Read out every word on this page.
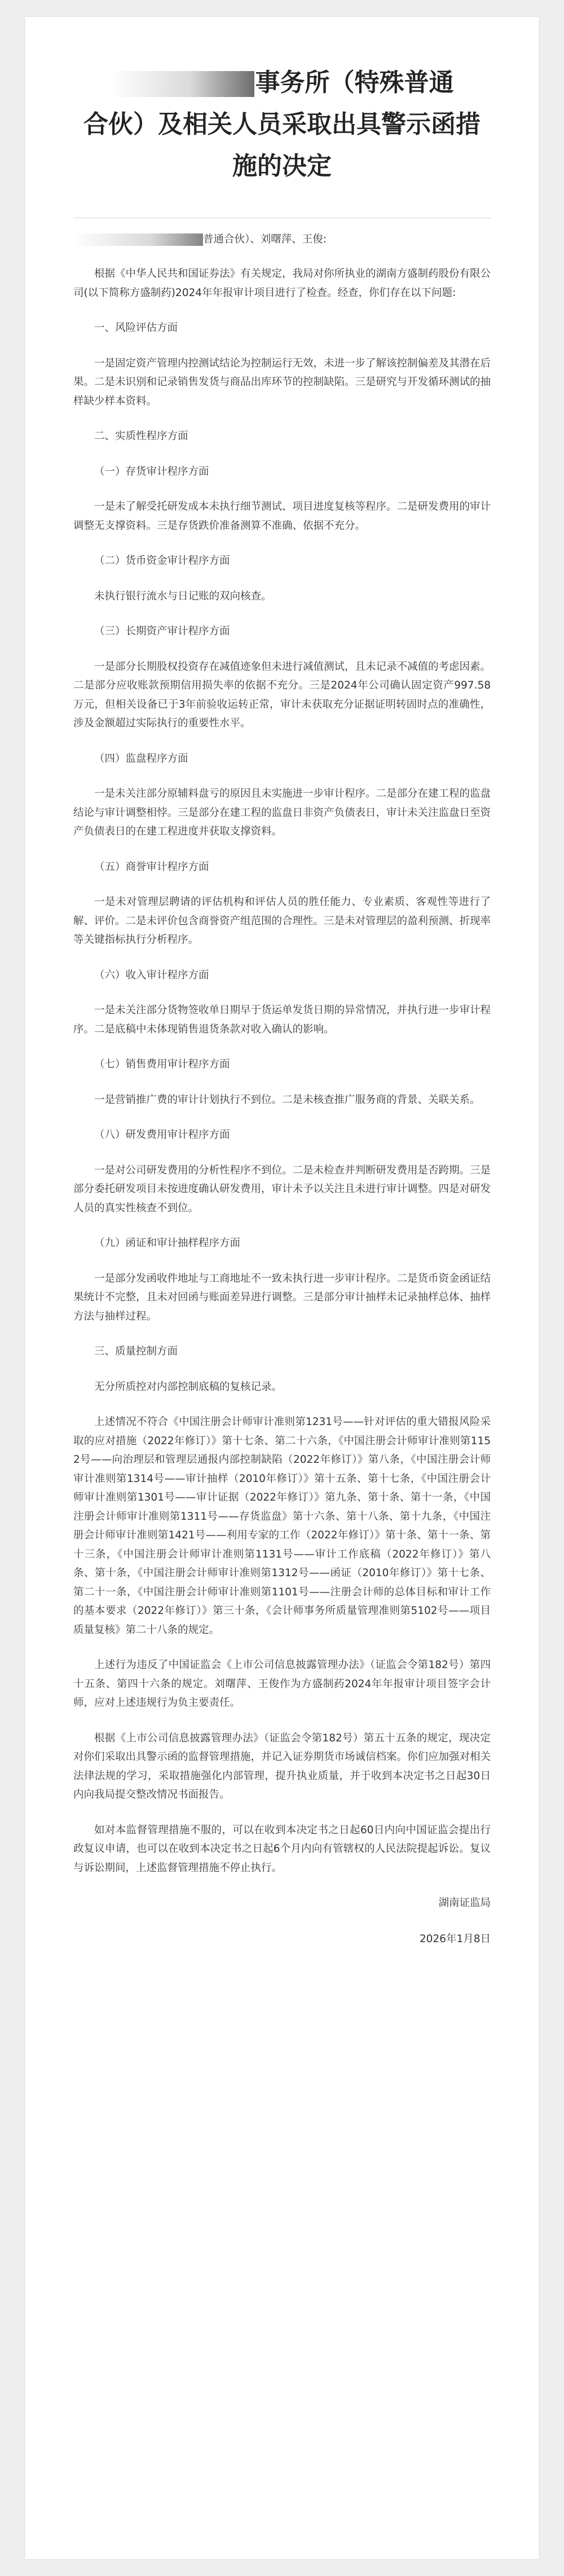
事务所（特殊普通
合伙）及相关人员采取出具警示函措
施的决定
普通合伙）、刘曙萍、王俊:

根据《中华人民共和国证券法》有关规定，我局对你所执业的湖南方盛制药股份有限公司(以下简称方盛制药)2024年年报审计项目进行了检查。经查，你们存在以下问题:

一、风险评估方面

一是固定资产管理内控测试结论为控制运行无效，未进一步了解该控制偏差及其潜在后果。二是未识别和记录销售发货与商品出库环节的控制缺陷。三是研究与开发循环测试的抽样缺少样本资料。

二、实质性程序方面

（一）存货审计程序方面

一是未了解受托研发成本未执行细节测试、项目进度复核等程序。二是研发费用的审计调整无支撑资料。三是存货跌价准备测算不准确、依据不充分。

（二）货币资金审计程序方面

未执行银行流水与日记账的双向核查。

（三）长期资产审计程序方面

一是部分长期股权投资存在减值迹象但未进行减值测试，且未记录不减值的考虑因素。二是部分应收账款预期信用损失率的依据不充分。三是2024年公司确认固定资产997.58万元，但相关设备已于3年前验收运转正常，审计未获取充分证据证明转固时点的准确性，涉及金额超过实际执行的重要性水平。

（四）监盘程序方面

一是未关注部分原辅料盘亏的原因且未实施进一步审计程序。二是部分在建工程的监盘结论与审计调整相悖。三是部分在建工程的监盘日非资产负债表日，审计未关注监盘日至资产负债表日的在建工程进度并获取支撑资料。

（五）商誉审计程序方面

一是未对管理层聘请的评估机构和评估人员的胜任能力、专业素质、客观性等进行了解、评价。二是未评价包含商誉资产组范围的合理性。三是未对管理层的盈利预测、折现率等关键指标执行分析程序。

（六）收入审计程序方面

一是未关注部分货物签收单日期早于货运单发货日期的异常情况，并执行进一步审计程序。二是底稿中未体现销售退货条款对收入确认的影响。

（七）销售费用审计程序方面

一是营销推广费的审计计划执行不到位。二是未核查推广服务商的背景、关联关系。

（八）研发费用审计程序方面

一是对公司研发费用的分析性程序不到位。二是未检查并判断研发费用是否跨期。三是部分委托研发项目未按进度确认研发费用，审计未予以关注且未进行审计调整。四是对研发人员的真实性核查不到位。

（九）函证和审计抽样程序方面

一是部分发函收件地址与工商地址不一致未执行进一步审计程序。二是货币资金函证结果统计不完整，且未对回函与账面差异进行调整。三是部分审计抽样未记录抽样总体、抽样方法与抽样过程。

三、质量控制方面

无分所质控对内部控制底稿的复核记录。

上述情况不符合《中国注册会计师审计准则第1231号——针对评估的重大错报风险采取的应对措施（2022年修订）》第十七条、第二十六条，《中国注册会计师审计准则第1152号——向治理层和管理层通报内部控制缺陷（2022年修订）》第八条，《中国注册会计师审计准则第1314号——审计抽样（2010年修订）》第十五条、第十七条，《中国注册会计师审计准则第1301号——审计证据（2022年修订）》第九条、第十条、第十一条，《中国注册会计师审计准则第1311号——存货监盘》第十六条、第十八条、第十九条，《中国注册会计师审计准则第1421号——利用专家的工作（2022年修订）》第十条、第十一条、第十三条，《中国注册会计师审计准则第1131号——审计工作底稿（2022年修订）》第八条、第十条，《中国注册会计师审计准则第1312号——函证（2010年修订）》第十七条、第二十一条，《中国注册会计师审计准则第1101号——注册会计师的总体目标和审计工作的基本要求（2022年修订）》第三十条，《会计师事务所质量管理准则第5102号——项目质量复核》第二十八条的规定。

上述行为违反了中国证监会《上市公司信息披露管理办法》（证监会令第182号）第四十五条、第四十六条的规定。刘曙萍、王俊作为方盛制药2024年年报审计项目签字会计师，应对上述违规行为负主要责任。

根据《上市公司信息披露管理办法》（证监会令第182号）第五十五条的规定，现决定对你们采取出具警示函的监督管理措施，并记入证券期货市场诚信档案。你们应加强对相关法律法规的学习，采取措施强化内部管理，提升执业质量，并于收到本决定书之日起30日内向我局提交整改情况书面报告。

如对本监督管理措施不服的，可以在收到本决定书之日起60日内向中国证监会提出行政复议申请，也可以在收到本决定书之日起6个月内向有管辖权的人民法院提起诉讼。复议与诉讼期间，上述监督管理措施不停止执行。

湖南证监局

2026年1月8日
